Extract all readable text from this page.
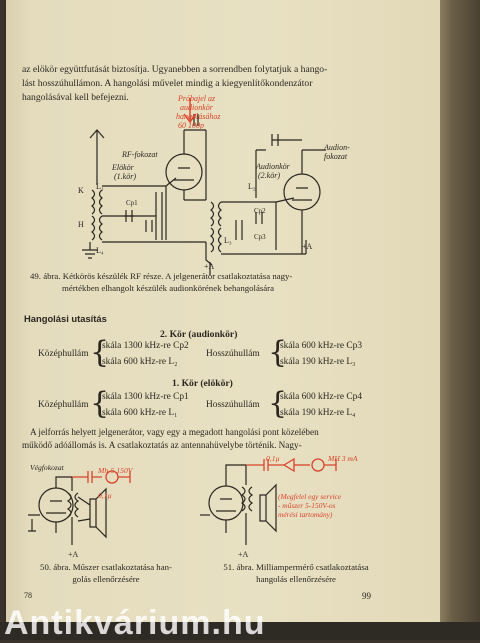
az elökör együttfutását biztosítja. Ugyanebben a sorrendben folytatjuk a hango-
lást hosszúhullámon. A hangolási művelet mindig a kiegyenlítőkondenzátor
hangolásával kell befejezni.	Próbajel az
audionkör
hangolásához
60 100p
RF-fokozat
Elökör
(1.kör)
Audionkör
(2.kör)
Audion-
fokozat
L₁	L₂
L₃
L₄
K
H
Cp1
Cp2
Cp3
+A
+A
49. ábra. Kétkörös készülék RF része. A jelgenerátor csatlakoztatása nagy-
mértékben elhangolt készülék audionkörének behangolására
Hangolási utasítás
2. Kör (audionkör)
Középhullám {
skála 1300 kHz-re Cp2
skála 600 kHz-re L₂
Hosszúhullám {
skála 600 kHz-re Cp3
skála 190 kHz-re L₃
1. Kör (elökör)
Középhullám {
skála 1300 kHz-re Cp1
skála 600 kHz-re L₁
Hosszúhullám {
skála 600 kHz-re Cp4
skála 190 kHz-re L₄
A jelforrás helyett jelgenerátor, vagy egy a megadott hangolási pont közelében
működő adóállomás is. A csatlakoztatás az antennahüvelybe történik. Nagy-
Végfokozat	Mh-5 150V
0,1µ
+A
0,1µ	MH 3 mA
(Megfelel egy service
- műszer 5-150V-os
mérési tartomány)
+A
50. ábra. Műszer csatlakoztatása han-
golás ellenőrzésére
51. ábra. Milliampermérő csatlakoztatása
hangolás ellenőrzésére
78	99
Antikvárium.hu
